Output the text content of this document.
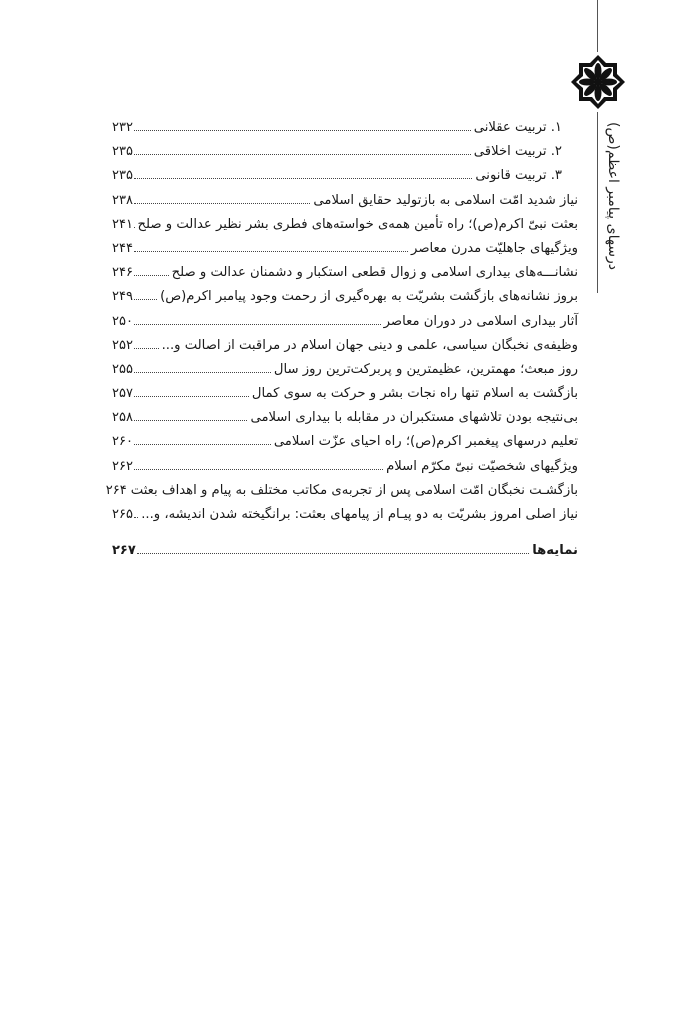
درسهای پیامبر اعظم(ص)
۱. تربیت عقلانی
۲۳۲
۲. تربیت اخلاقی
۲۳۵
۳. تربیت قانونی
۲۳۵
نیاز شدید امّت اسلامی به بازتولید حقایق اسلامی
۲۳۸
بعثت نبیّ اکرم(ص)؛ راه تأمین همه‌ی خواسته‌های فطری بشر نظیر عدالت و صلح
۲۴۱
ویژگیهای جاهلیّت مدرن معاصر
۲۴۴
نشانـــه‌های بیداری اسلامی و زوال قطعی استکبار و دشمنان عدالت و صلح
۲۴۶
بروز نشانه‌های بازگشت بشریّت به بهره‌گیری از رحمت وجود پیامبر اکرم(ص)
۲۴۹
آثار بیداری اسلامی در دوران معاصر
۲۵۰
وظیفه‌ی نخبگان سیاسی، علمی و دینی جهان اسلام در مراقبت از اصالت و...
۲۵۲
روز مبعث؛ مهمترین، عظیمترین و پربرکت‌ترین روز سال
۲۵۵
بازگشت به اسلام تنها راه نجات بشر و حرکت به سوی کمال
۲۵۷
بی‌نتیجه بودن تلاشهای مستکبران در مقابله با بیداری اسلامی
۲۵۸
تعلیم درسهای پیغمبر اکرم(ص)؛ راه احیای عزّت اسلامی
۲۶۰
ویژگیهای شخصیّت نبیّ مکرّم اسلام
۲۶۲
بازگشـت نخبگان امّت اسلامی پس از تجربه‌ی مکاتب مختلف به پیام و اهداف بعثت
۲۶۴
نیاز اصلی امروز بشریّت به دو پیـام از پیامهای بعثت: برانگیخته شدن اندیشه، و...
۲۶۵
نمایه‌ها
۲۶۷
